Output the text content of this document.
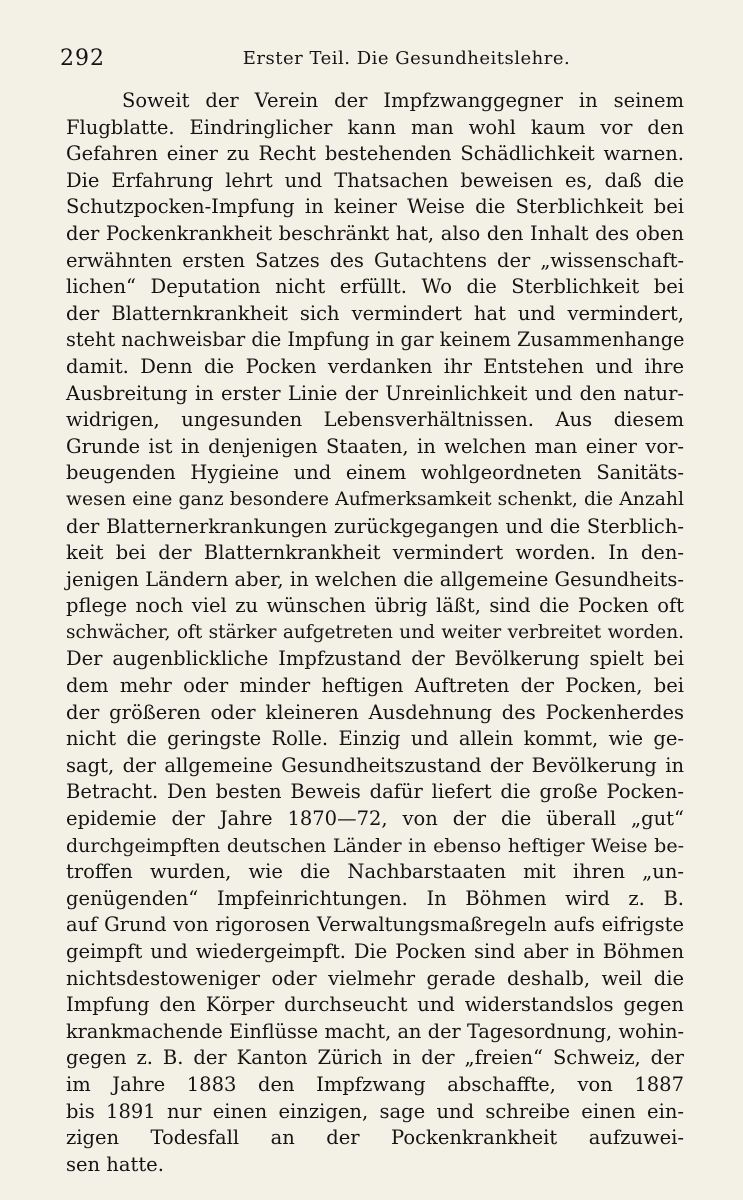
292	Erster Teil. Die Gesundheitslehre.
Soweit der Verein der Impfzwanggegner in seinem
Flugblatte. Eindringlicher kann man wohl kaum vor den
Gefahren einer zu Recht bestehenden Schädlichkeit warnen.
Die Erfahrung lehrt und Thatsachen beweisen es, daß die
Schutzpocken-Impfung in keiner Weise die Sterblichkeit bei
der Pockenkrankheit beschränkt hat, also den Inhalt des oben
erwähnten ersten Satzes des Gutachtens der „wissenschaft-
lichen“ Deputation nicht erfüllt. Wo die Sterblichkeit bei
der Blatternkrankheit sich vermindert hat und vermindert,
steht nachweisbar die Impfung in gar keinem Zusammenhange
damit. Denn die Pocken verdanken ihr Entstehen und ihre
Ausbreitung in erster Linie der Unreinlichkeit und den natur-
widrigen, ungesunden Lebensverhältnissen. Aus diesem
Grunde ist in denjenigen Staaten, in welchen man einer vor-
beugenden Hygieine und einem wohlgeordneten Sanitäts-
wesen eine ganz besondere Aufmerksamkeit schenkt, die Anzahl
der Blatternerkrankungen zurückgegangen und die Sterblich-
keit bei der Blatternkrankheit vermindert worden. In den-
jenigen Ländern aber, in welchen die allgemeine Gesundheits-
pflege noch viel zu wünschen übrig läßt, sind die Pocken oft
schwächer, oft stärker aufgetreten und weiter verbreitet worden.
Der augenblickliche Impfzustand der Bevölkerung spielt bei
dem mehr oder minder heftigen Auftreten der Pocken, bei
der größeren oder kleineren Ausdehnung des Pockenherdes
nicht die geringste Rolle. Einzig und allein kommt, wie ge-
sagt, der allgemeine Gesundheitszustand der Bevölkerung in
Betracht. Den besten Beweis dafür liefert die große Pocken-
epidemie der Jahre 1870—72, von der die überall „gut“
durchgeimpften deutschen Länder in ebenso heftiger Weise be-
troffen wurden, wie die Nachbarstaaten mit ihren „un-
genügenden“ Impfeinrichtungen. In Böhmen wird z. B.
auf Grund von rigorosen Verwaltungsmaßregeln aufs eifrigste
geimpft und wiedergeimpft. Die Pocken sind aber in Böhmen
nichtsdestoweniger oder vielmehr gerade deshalb, weil die
Impfung den Körper durchseucht und widerstandslos gegen
krankmachende Einflüsse macht, an der Tagesordnung, wohin-
gegen z. B. der Kanton Zürich in der „freien“ Schweiz, der
im Jahre 1883 den Impfzwang abschaffte, von 1887
bis 1891 nur einen einzigen, sage und schreibe einen ein-
zigen Todesfall an der Pockenkrankheit aufzuwei-
sen hatte.
